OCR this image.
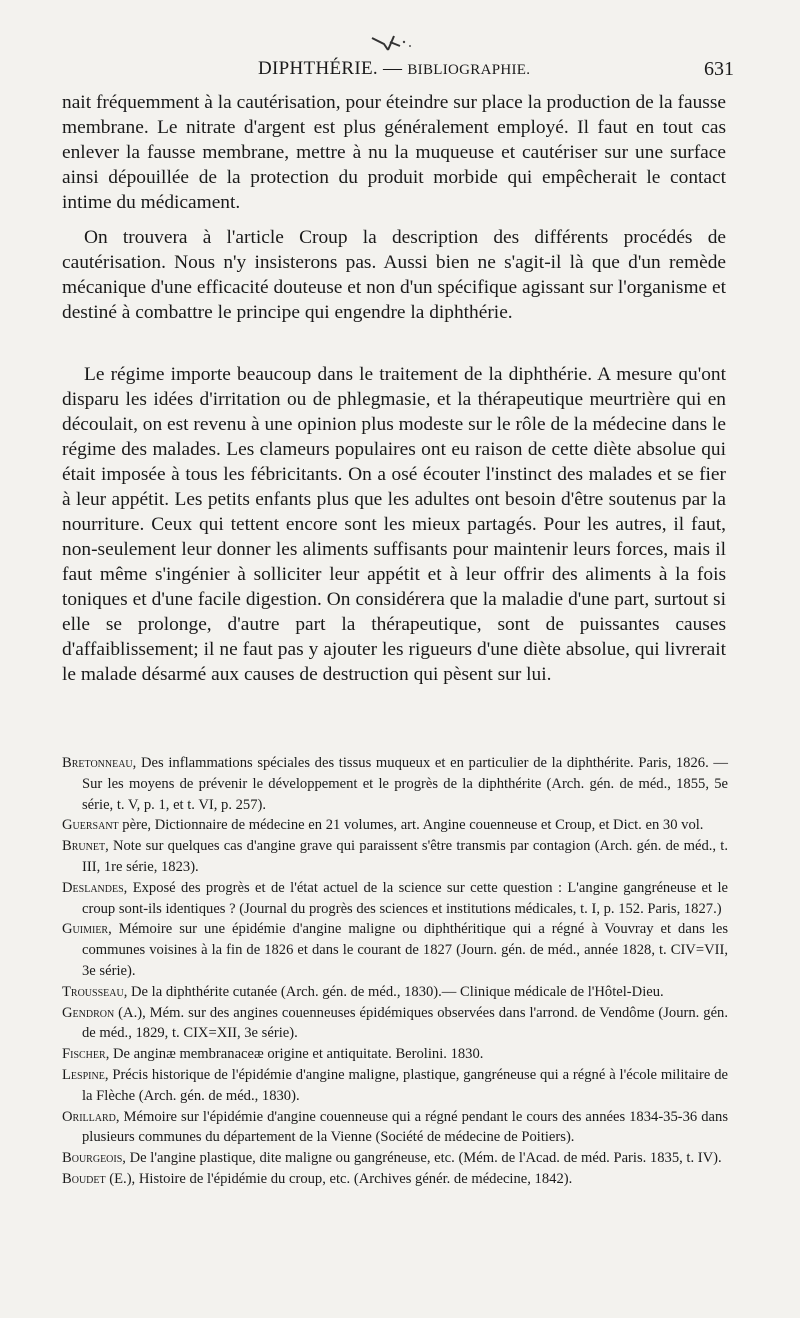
DIPHTHÉRIE. — BIBLIOGRAPHIE.	631

nait fréquemment à la cautérisation, pour éteindre sur place la production de la fausse membrane. Le nitrate d'argent est plus généralement employé. Il faut en tout cas enlever la fausse membrane, mettre à nu la muqueuse et cautériser sur une surface ainsi dépouillée de la protection du produit morbide qui empêcherait le contact intime du médicament.

On trouvera à l'article Croup la description des différents procédés de cautérisation. Nous n'y insisterons pas. Aussi bien ne s'agit-il là que d'un remède mécanique d'une efficacité douteuse et non d'un spécifique agissant sur l'organisme et destiné à combattre le principe qui engendre la diphthérie.

Le régime importe beaucoup dans le traitement de la diphthérie. A mesure qu'ont disparu les idées d'irritation ou de phlegmasie, et la thérapeutique meurtrière qui en découlait, on est revenu à une opinion plus modeste sur le rôle de la médecine dans le régime des malades. Les clameurs populaires ont eu raison de cette diète absolue qui était imposée à tous les fébricitants. On a osé écouter l'instinct des malades et se fier à leur appétit. Les petits enfants plus que les adultes ont besoin d'être soutenus par la nourriture. Ceux qui tettent encore sont les mieux partagés. Pour les autres, il faut, non-seulement leur donner les aliments suffisants pour maintenir leurs forces, mais il faut même s'ingénier à solliciter leur appétit et à leur offrir des aliments à la fois toniques et d'une facile digestion. On considérera que la maladie d'une part, surtout si elle se prolonge, d'autre part la thérapeutique, sont de puissantes causes d'affaiblissement; il ne faut pas y ajouter les rigueurs d'une diète absolue, qui livrerait le malade désarmé aux causes de destruction qui pèsent sur lui.

Bretonneau, Des inflammations spéciales des tissus muqueux et en particulier de la diphthérite. Paris, 1826. — Sur les moyens de prévenir le développement et le progrès de la diphthérite (Arch. gén. de méd., 1855, 5e série, t. V, p. 1, et t. VI, p. 257).

Guersant père, Dictionnaire de médecine en 21 volumes, art. Angine couenneuse et Croup, et Dict. en 30 vol.

Brunet, Note sur quelques cas d'angine grave qui paraissent s'être transmis par contagion (Arch. gén. de méd., t. III, 1re série, 1823).

Deslandes, Exposé des progrès et de l'état actuel de la science sur cette question : L'angine gangréneuse et le croup sont-ils identiques ? (Journal du progrès des sciences et institutions médicales, t. I, p. 152. Paris, 1827.)

Guimier, Mémoire sur une épidémie d'angine maligne ou diphthéritique qui a régné à Vouvray et dans les communes voisines à la fin de 1826 et dans le courant de 1827 (Journ. gén. de méd., année 1828, t. CIV=VII, 3e série).

Trousseau, De la diphthérite cutanée (Arch. gén. de méd., 1830).— Clinique médicale de l'Hôtel-Dieu.

Gendron (A.), Mém. sur des angines couenneuses épidémiques observées dans l'arrond. de Vendôme (Journ. gén. de méd., 1829, t. CIX=XII, 3e série).

Fischer, De anginæ membranaceæ origine et antiquitate. Berolini. 1830.

Lespine, Précis historique de l'épidémie d'angine maligne, plastique, gangréneuse qui a régné à l'école militaire de la Flèche (Arch. gén. de méd., 1830).

Orillard, Mémoire sur l'épidémie d'angine couenneuse qui a régné pendant le cours des années 1834-35-36 dans plusieurs communes du département de la Vienne (Société de médecine de Poitiers).

Bourgeois, De l'angine plastique, dite maligne ou gangréneuse, etc. (Mém. de l'Acad. de méd. Paris. 1835, t. IV).

Boudet (E.), Histoire de l'épidémie du croup, etc. (Archives génér. de médecine, 1842).
